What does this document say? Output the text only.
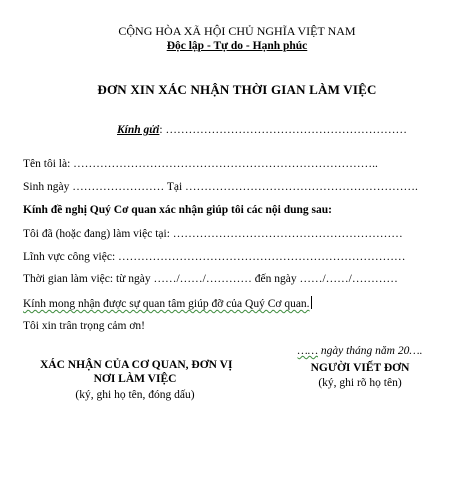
CỘNG HÒA XÃ HỘI CHỦ NGHĨA VIỆT NAM
Độc lập - Tự do - Hạnh phúc
ĐƠN XIN XÁC NHẬN THỜI GIAN LÀM VIỆC
Kính gửi: ………………………………………………………
Tên tôi là: ……………………………………………………………………..
Sinh ngày …………………… Tại …………………………………………………….
Kính đề nghị Quý Cơ quan xác nhận giúp tôi các nội dung sau:
Tôi đã (hoặc đang) làm việc tại: ……………………………………………………
Lĩnh vực công việc: …………………………………………………………………
Thời gian làm việc: từ ngày ……/……/………… đến ngày ……/……/…………
Kính mong nhận được sự quan tâm giúp đỡ của Quý Cơ quan.
Tôi xin trân trọng cảm ơn!
…… ngày tháng năm 20….
XÁC NHẬN CỦA CƠ QUAN, ĐƠN VỊ
NƠI LÀM VIỆC
(ký, ghi họ tên, đóng dấu)
NGƯỜI VIẾT ĐƠN
(ký, ghi rõ họ tên)
